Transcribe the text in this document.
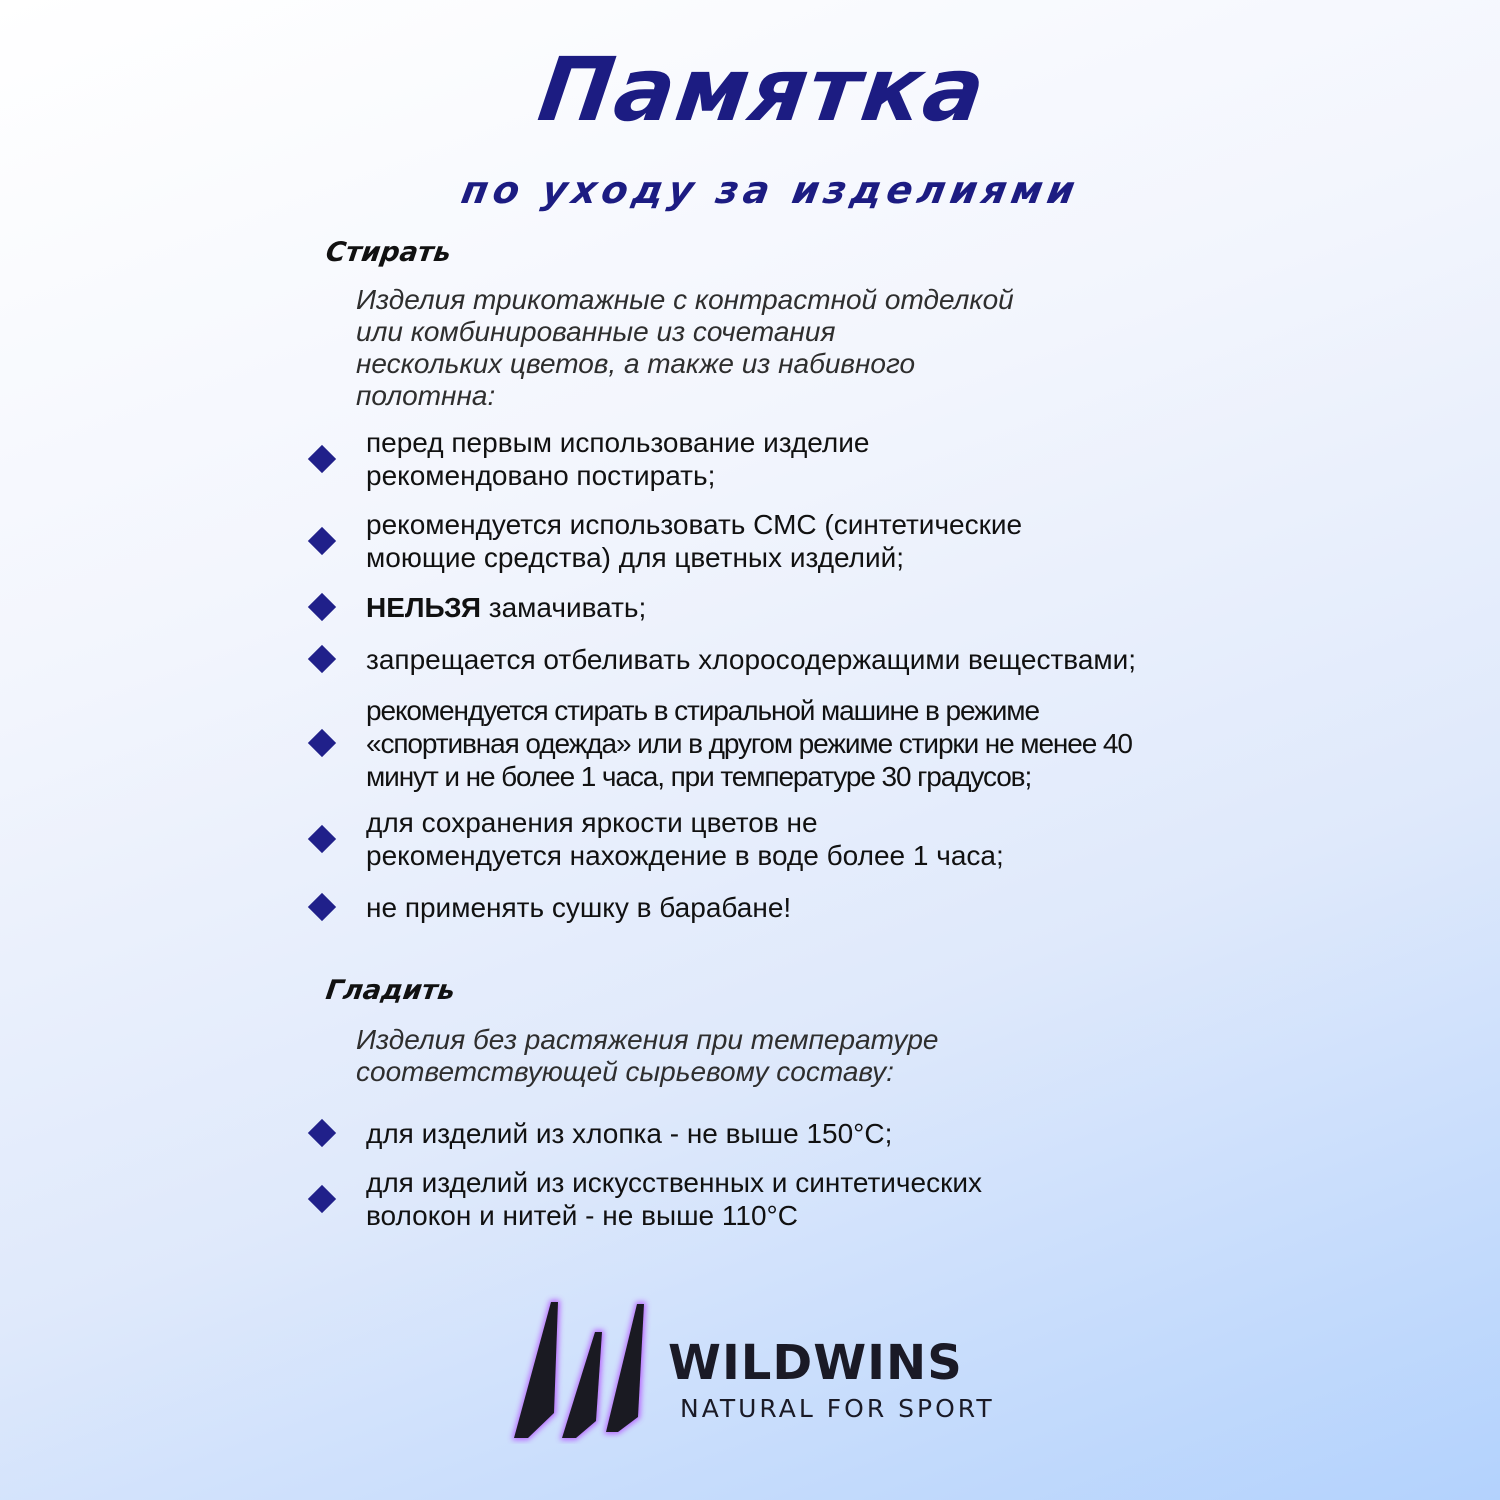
Памятка
по уходу за изделиями
Стирать
Изделия трикотажные с контрастной отделкой
или комбинированные из сочетания
нескольких цветов, а также из набивного
полотнна:
перед первым использование изделие
рекомендовано постирать;
рекомендуется использовать СМС (синтетические
моющие средства) для цветных изделий;
НЕЛЬЗЯ замачивать;
запрещается отбеливать хлоросодержащими веществами;
рекомендуется стирать в стиральной машине в режиме
«спортивная одежда» или в другом режиме стирки не менее 40
минут и не более 1 часа, при температуре 30 градусов;
для сохранения яркости цветов не
рекомендуется нахождение в воде более 1 часа;
не применять сушку в барабане!
Гладить
Изделия без растяжения при температуре
соответствующей сырьевому составу:
для изделий из хлопка - не выше 150°С;
для изделий из искусственных и синтетических
волокон и нитей - не выше 110°С
WILDWINS
NATURAL FOR SPORT
